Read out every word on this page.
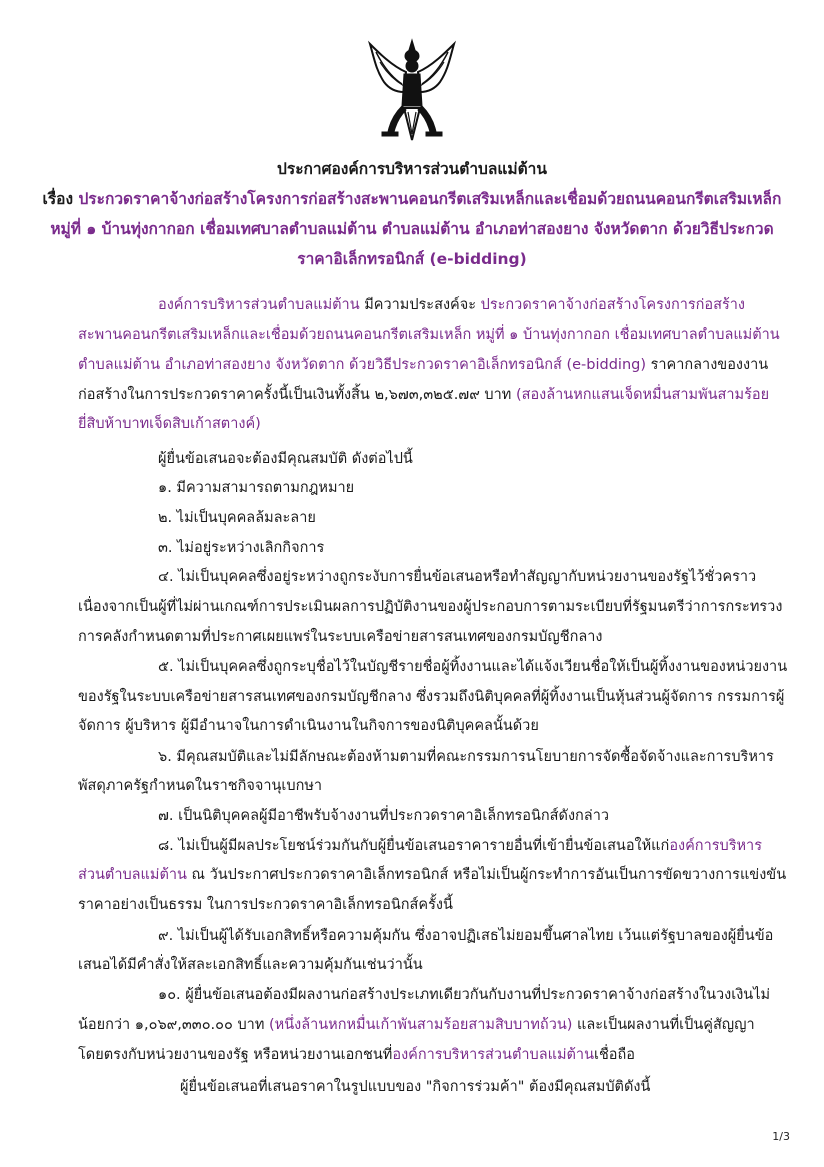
ประกาศองค์การบริหารส่วนตำบลแม่ต้าน
เรื่อง ประกวดราคาจ้างก่อสร้างโครงการก่อสร้างสะพานคอนกรีตเสริมเหล็กและเชื่อมด้วยถนนคอนกรีตเสริมเหล็ก
หมู่ที่ ๑ บ้านทุ่งกากอก เชื่อมเทศบาลตำบลแม่ต้าน ตำบลแม่ต้าน อำเภอท่าสองยาง จังหวัดตาก ด้วยวิธีประกวด
ราคาอิเล็กทรอนิกส์ (e-bidding)
องค์การบริหารส่วนตำบลแม่ต้าน มีความประสงค์จะ ประกวดราคาจ้างก่อสร้างโครงการก่อสร้าง
สะพานคอนกรีตเสริมเหล็กและเชื่อมด้วยถนนคอนกรีตเสริมเหล็ก หมู่ที่ ๑ บ้านทุ่งกากอก เชื่อมเทศบาลตำบลแม่ต้าน
ตำบลแม่ต้าน อำเภอท่าสองยาง จังหวัดตาก ด้วยวิธีประกวดราคาอิเล็กทรอนิกส์ (e-bidding) ราคากลางของงาน
ก่อสร้างในการประกวดราคาครั้งนี้เป็นเงินทั้งสิ้น ๒,๖๗๓,๓๒๕.๗๙ บาท (สองล้านหกแสนเจ็ดหมื่นสามพันสามร้อย
ยี่สิบห้าบาทเจ็ดสิบเก้าสตางค์)
ผู้ยื่นข้อเสนอจะต้องมีคุณสมบัติ ดังต่อไปนี้
๑. มีความสามารถตามกฎหมาย
๒. ไม่เป็นบุคคลล้มละลาย
๓. ไม่อยู่ระหว่างเลิกกิจการ
๔. ไม่เป็นบุคคลซึ่งอยู่ระหว่างถูกระงับการยื่นข้อเสนอหรือทำสัญญากับหน่วยงานของรัฐไว้ชั่วคราว
เนื่องจากเป็นผู้ที่ไม่ผ่านเกณฑ์การประเมินผลการปฏิบัติงานของผู้ประกอบการตามระเบียบที่รัฐมนตรีว่าการกระทรวง
การคลังกำหนดตามที่ประกาศเผยแพร่ในระบบเครือข่ายสารสนเทศของกรมบัญชีกลาง
๕. ไม่เป็นบุคคลซึ่งถูกระบุชื่อไว้ในบัญชีรายชื่อผู้ทิ้งงานและได้แจ้งเวียนชื่อให้เป็นผู้ทิ้งงานของหน่วยงาน
ของรัฐในระบบเครือข่ายสารสนเทศของกรมบัญชีกลาง ซึ่งรวมถึงนิติบุคคลที่ผู้ทิ้งงานเป็นหุ้นส่วนผู้จัดการ กรรมการผู้
จัดการ ผู้บริหาร ผู้มีอำนาจในการดำเนินงานในกิจการของนิติบุคคลนั้นด้วย
๖. มีคุณสมบัติและไม่มีลักษณะต้องห้ามตามที่คณะกรรมการนโยบายการจัดซื้อจัดจ้างและการบริหาร
พัสดุภาครัฐกำหนดในราชกิจจานุเบกษา
๗. เป็นนิติบุคคลผู้มีอาชีพรับจ้างงานที่ประกวดราคาอิเล็กทรอนิกส์ดังกล่าว
๘. ไม่เป็นผู้มีผลประโยชน์ร่วมกันกับผู้ยื่นข้อเสนอราคารายอื่นที่เข้ายื่นข้อเสนอให้แก่องค์การบริหาร
ส่วนตำบลแม่ต้าน ณ วันประกาศประกวดราคาอิเล็กทรอนิกส์ หรือไม่เป็นผู้กระทำการอันเป็นการขัดขวางการแข่งขัน
ราคาอย่างเป็นธรรม ในการประกวดราคาอิเล็กทรอนิกส์ครั้งนี้
๙. ไม่เป็นผู้ได้รับเอกสิทธิ์หรือความคุ้มกัน ซึ่งอาจปฏิเสธไม่ยอมขึ้นศาลไทย เว้นแต่รัฐบาลของผู้ยื่นข้อ
เสนอได้มีคำสั่งให้สละเอกสิทธิ์และความคุ้มกันเช่นว่านั้น
๑๐. ผู้ยื่นข้อเสนอต้องมีผลงานก่อสร้างประเภทเดียวกันกับงานที่ประกวดราคาจ้างก่อสร้างในวงเงินไม่
น้อยกว่า ๑,๐๖๙,๓๓๐.๐๐ บาท (หนึ่งล้านหกหมื่นเก้าพันสามร้อยสามสิบบาทถ้วน) และเป็นผลงานที่เป็นคู่สัญญา
โดยตรงกับหน่วยงานของรัฐ หรือหน่วยงานเอกชนที่องค์การบริหารส่วนตำบลแม่ต้านเชื่อถือ
ผู้ยื่นข้อเสนอที่เสนอราคาในรูปแบบของ "กิจการร่วมค้า" ต้องมีคุณสมบัติดังนี้
1/3
